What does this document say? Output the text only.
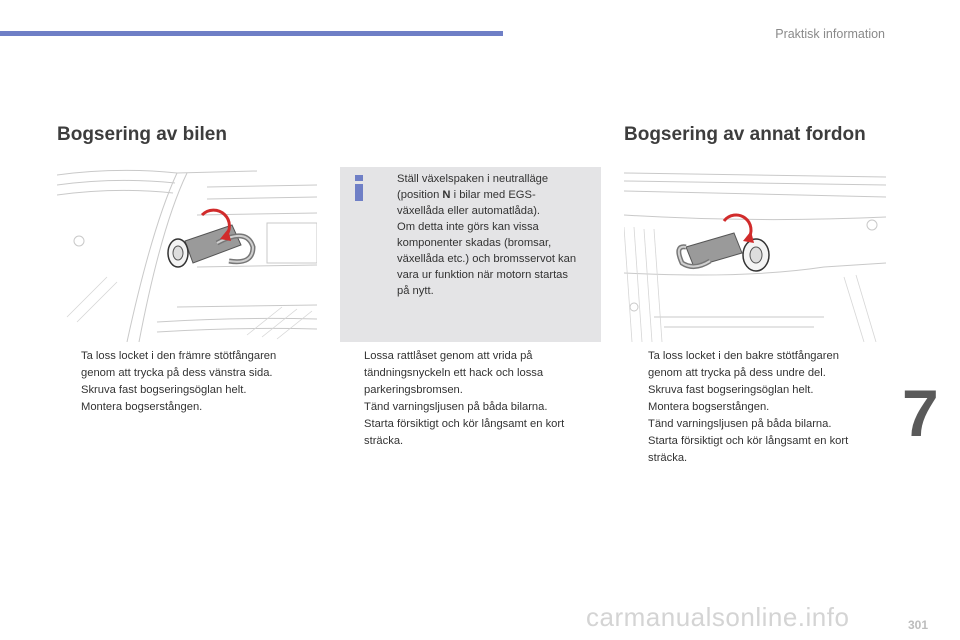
Praktisk information
Bogsering av bilen	Bogsering av annat fordon
Ställ växelspaken i neutralläge
(position N i bilar med EGS-
växellåda eller automatlåda).
Om detta inte görs kan vissa
komponenter skadas (bromsar,
växellåda etc.) och bromsservot kan
vara ur funktion när motorn startas
på nytt.
Ta loss locket i den främre stötfångaren
genom att trycka på dess vänstra sida.
Skruva fast bogseringsöglan helt.
Montera bogserstången.
Lossa rattlåset genom att vrida på
tändningsnyckeln ett hack och lossa
parkeringsbromsen.
Tänd varningsljusen på båda bilarna.
Starta försiktigt och kör långsamt en kort
sträcka.
Ta loss locket i den bakre stötfångaren
genom att trycka på dess undre del.
Skruva fast bogseringsöglan helt.
Montera bogserstången.
Tänd varningsljusen på båda bilarna.
Starta försiktigt och kör långsamt en kort
sträcka.
7
carmanualsonline.info	301
